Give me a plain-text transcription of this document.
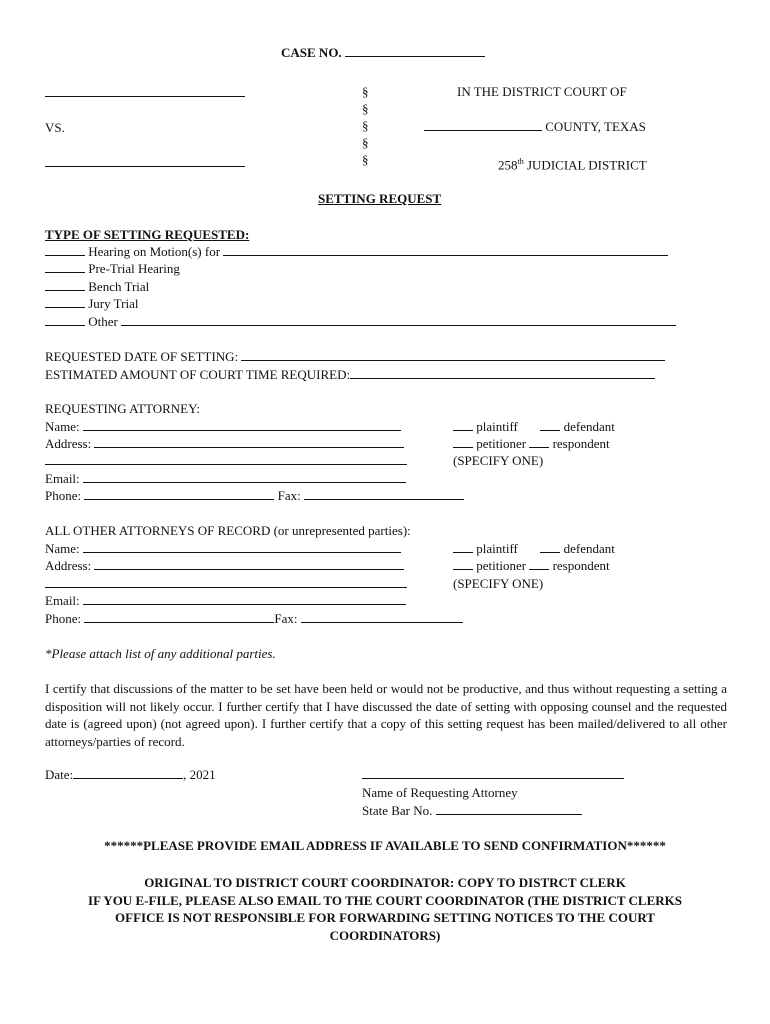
CASE NO.
VS.
§
§
§
§
§
IN THE DISTRICT COURT OF
COUNTY, TEXAS
258th JUDICIAL DISTRICT
SETTING REQUEST
TYPE OF SETTING REQUESTED:
Hearing on Motion(s) for
Pre-Trial Hearing
Bench Trial
Jury Trial
Other
REQUESTED DATE OF SETTING:
ESTIMATED AMOUNT OF COURT TIME REQUIRED:
REQUESTING ATTORNEY:
Name:
Address:
Email:
Phone:	Fax:
plaintiff	defendant
petitioner respondent
(SPECIFY ONE)
ALL OTHER ATTORNEYS OF RECORD (or unrepresented parties):
Name:
Address:
Email:
Phone:	Fax:
plaintiff	defendant
petitioner respondent
(SPECIFY ONE)
*Please attach list of any additional parties.
I certify that discussions of the matter to be set have been held or would not be productive, and thus without requesting a setting a disposition will not likely occur. I further certify that I have discussed the date of setting with opposing counsel and the requested date is (agreed upon) (not agreed upon). I further certify that a copy of this setting request has been mailed/delivered to all other attorneys/parties of record.
Date:	, 2021
Name of Requesting Attorney
State Bar No.
******PLEASE PROVIDE EMAIL ADDRESS IF AVAILABLE TO SEND CONFIRMATION******
ORIGINAL TO DISTRICT COURT COORDINATOR: COPY TO DISTRCT CLERK
IF YOU E-FILE, PLEASE ALSO EMAIL TO THE COURT COORDINATOR (THE DISTRICT CLERKS
OFFICE IS NOT RESPONSIBLE FOR FORWARDING SETTING NOTICES TO THE COURT
COORDINATORS)
